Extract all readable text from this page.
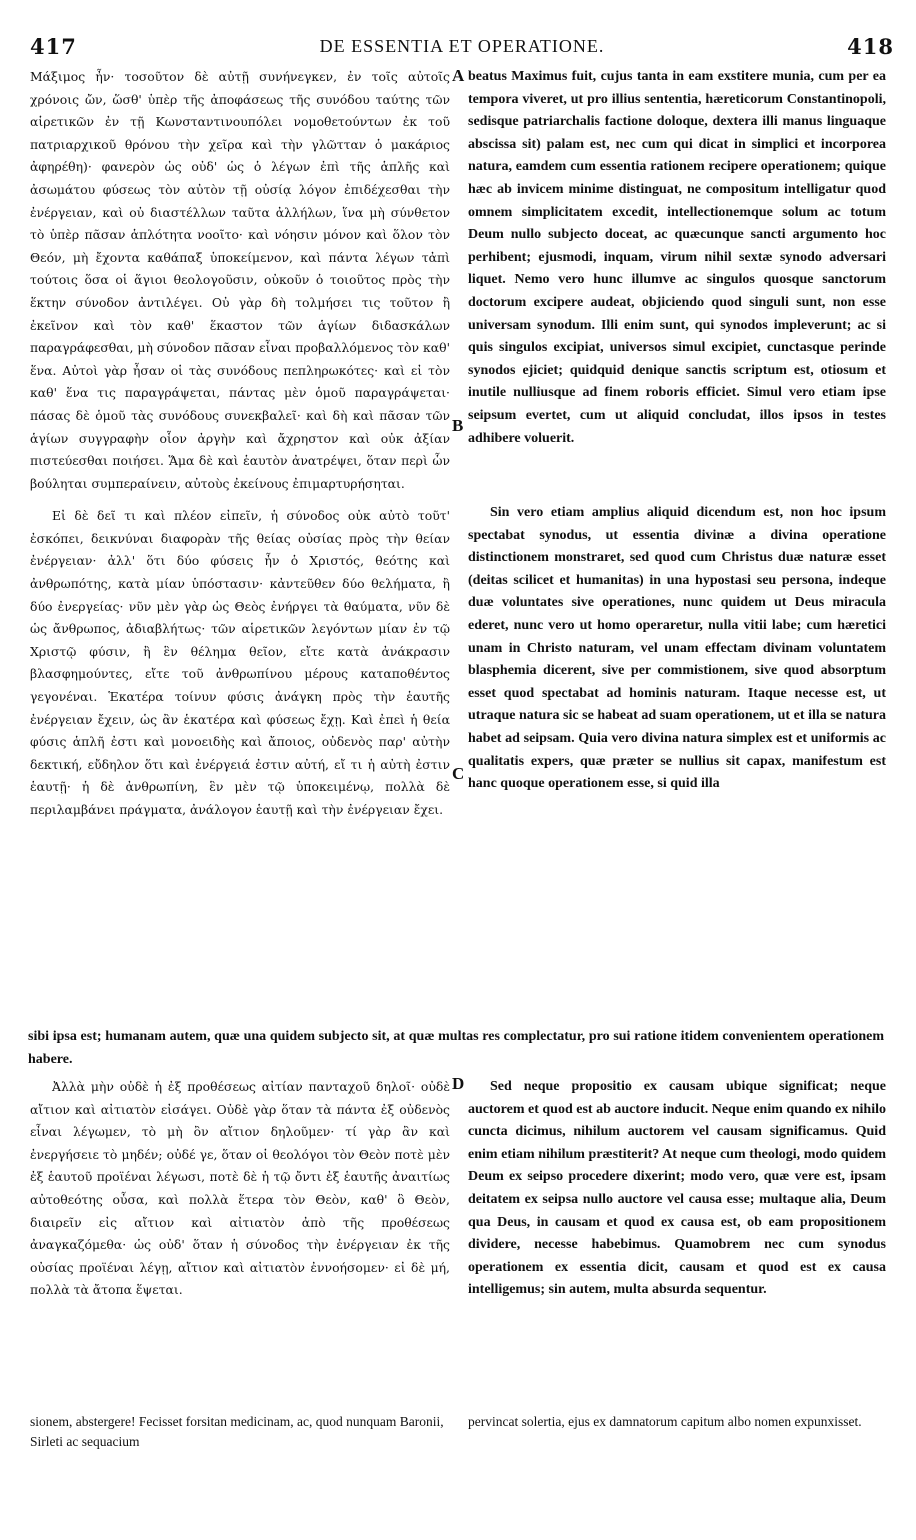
417	DE ESSENTIA ET OPERATIONE.	418

Μάξιμος ἦν· τοσοῦτον δὲ αὐτῇ συνήνεγκεν, ἐν τοῖς αὐτοῖς χρόνοις ὤν, ὥσθ' ὑπὲρ τῆς ἀποφάσεως τῆς συνόδου ταύτης τῶν αἱρετικῶν ἐν τῇ Κωνσταντινουπόλει νομοθετούντων ἐκ τοῦ πατριαρχικοῦ θρόνου τὴν χεῖρα καὶ τὴν γλῶτταν ὁ μακάριος ἀφηρέθη)· φανερὸν ὡς οὐδ' ὡς ὁ λέγων ἐπὶ τῆς ἁπλῆς καὶ ἀσωμάτου φύσεως τὸν αὐτὸν τῇ οὐσίᾳ λόγον ἐπιδέχεσθαι τὴν ἐνέργειαν, καὶ οὐ διαστέλλων ταῦτα ἀλλήλων, ἵνα μὴ σύνθετον τὸ ὑπὲρ πᾶσαν ἁπλότητα νοοῖτο· καὶ νόησιν μόνον καὶ ὅλον τὸν Θεόν, μὴ ἔχοντα καθάπαξ ὑποκείμενον, καὶ πάντα λέγων τἀπὶ τούτοις ὅσα οἱ ἅγιοι θεολογοῦσιν, οὐκοῦν ὁ τοιοῦτος πρὸς τὴν ἕκτην σύνοδον ἀντιλέγει. Οὐ γὰρ δὴ τολμήσει τις τοῦτον ἢ ἐκεῖνον καὶ τὸν καθ' ἕκαστον τῶν ἁγίων διδασκάλων παραγράφεσθαι, μὴ σύνοδον πᾶσαν εἶναι προβαλλόμενος τὸν καθ' ἕνα. Αὐτοὶ γὰρ ἦσαν οἱ τὰς συνόδους πεπληρωκότες· καὶ εἰ τὸν καθ' ἕνα τις παραγράψεται, πάντας μὲν ὁμοῦ παραγράψεται· πάσας δὲ ὁμοῦ τὰς συνόδους συνεκβαλεῖ· καὶ δὴ καὶ πᾶσαν τῶν ἁγίων συγγραφὴν οἷον ἀργὴν καὶ ἄχρηστον καὶ οὐκ ἀξίαν πιστεύεσθαι ποιήσει. Ἅμα δὲ καὶ ἑαυτὸν ἀνατρέψει, ὅταν περὶ ὧν βούληται συμπεραίνειν, αὐτοὺς ἐκείνους ἐπιμαρτυρήσηται.

Εἰ δὲ δεῖ τι καὶ πλέον εἰπεῖν, ἡ σύνοδος οὐκ αὐτὸ τοῦτ' ἐσκόπει, δεικνύναι διαφορὰν τῆς θείας οὐσίας πρὸς τὴν θείαν ἐνέργειαν· ἀλλ' ὅτι δύο φύσεις ἦν ὁ Χριστός, θεότης καὶ ἀνθρωπότης, κατὰ μίαν ὑπόστασιν· κἀντεῦθεν δύο θελήματα, ἢ δύο ἐνεργείας· νῦν μὲν γὰρ ὡς Θεὸς ἐνήργει τὰ θαύματα, νῦν δὲ ὡς ἄνθρωπος, ἀδιαβλήτως· τῶν αἱρετικῶν λεγόντων μίαν ἐν τῷ Χριστῷ φύσιν, ἢ ἓν θέλημα θεῖον, εἴτε κατὰ ἀνάκρασιν βλασφημούντες, εἴτε τοῦ ἀνθρωπίνου μέρους καταποθέντος γεγονέναι. Ἑκατέρα τοίνυν φύσις ἀνάγκη πρὸς τὴν ἑαυτῆς ἐνέργειαν ἔχειν, ὡς ἂν ἑκατέρα καὶ φύσεως ἔχῃ. Καὶ ἐπεὶ ἡ θεία φύσις ἁπλῆ ἐστι καὶ μονοειδὴς καὶ ἄποιος, οὐδενὸς παρ' αὐτὴν δεκτική, εὔδηλον ὅτι καὶ ἐνέργειά ἐστιν αὐτή, εἴ τι ἡ αὐτὴ ἐστιν ἑαυτῇ· ἡ δὲ ἀνθρωπίνη, ἓν μὲν τῷ ὑποκειμένῳ, πολλὰ δὲ περιλαμβάνει πράγματα, ἀνάλογον ἑαυτῇ καὶ τὴν ἐνέργειαν ἔχει.

beatus Maximus fuit, cujus tanta in eam exstitere munia, cum per ea tempora viveret, ut pro illius sententia, hæreticorum Constantinopoli, sedisque patriarchalis factione doloque, dextera illi manus linguaque abscissa sit) palam est, nec cum qui dicat in simplici et incorporea natura, eamdem cum essentia rationem recipere operationem; quique hæc ab invicem minime distinguat, ne compositum intelligatur quod omnem simplicitatem excedit, intellectionemque solum ac totum Deum nullo subjecto doceat, ac quæcunque sancti argumento hoc perhibent; ejusmodi, inquam, virum nihil sextæ synodo adversari liquet. Nemo vero hunc illumve ac singulos quosque sanctorum doctorum excipere audeat, objiciendo quod singuli sunt, non esse universam synodum. Illi enim sunt, qui synodos impleverunt; ac si quis singulos excipiat, universos simul excipiet, cunctasque perinde synodos ejiciet; quidquid denique sanctis scriptum est, otiosum et inutile nulliusque ad finem roboris efficiet. Simul vero etiam ipse seipsum evertet, cum ut aliquid concludat, illos ipsos in testes adhibere voluerit.

Sin vero etiam amplius aliquid dicendum est, non hoc ipsum spectabat synodus, ut essentia divinæ a divina operatione distinctionem monstraret, sed quod cum Christus duæ naturæ esset (deitas scilicet et humanitas) in una hypostasi seu persona, indeque duæ voluntates sive operationes, nunc quidem ut Deus miracula ederet, nunc vero ut homo operaretur, nulla vitii labe; cum hæretici unam in Christo naturam, vel unam effectam divinam voluntatem blasphemia dicerent, sive per commistionem, sive quod absorptum esset quod spectabat ad hominis naturam. Itaque necesse est, ut utraque natura sic se habeat ad suam operationem, ut et illa se natura habet ad seipsam. Quia vero divina natura simplex est et uniformis ac qualitatis expers, quæ præter se nullius sit capax, manifestum est hanc quoque operationem esse, si quid illa

A
B
C
D
sibi ipsa est; humanam autem, quæ una quidem subjecto sit, at quæ multas res complectatur, pro sui ratione itidem convenientem operationem habere.

Ἀλλὰ μὴν οὐδὲ ἡ ἐξ προθέσεως αἰτίαν πανταχοῦ δηλοῖ· οὐδὲ αἴτιον καὶ αἰτιατὸν εἰσάγει. Οὐδὲ γὰρ ὅταν τὰ πάντα ἐξ οὐδενὸς εἶναι λέγωμεν, τὸ μὴ ὂν αἴτιον δηλοῦμεν· τί γὰρ ἂν καὶ ἐνεργήσειε τὸ μηδέν; οὐδέ γε, ὅταν οἱ θεολόγοι τὸν Θεὸν ποτὲ μὲν ἐξ ἑαυτοῦ προϊέναι λέγωσι, ποτὲ δὲ ἡ τῷ ὄντι ἐξ ἑαυτῆς ἀναιτίως αὐτοθεότης οὖσα, καὶ πολλὰ ἕτερα τὸν Θεὸν, καθ' ὃ Θεὸν, διαιρεῖν εἰς αἴτιον καὶ αἰτιατὸν ἀπὸ τῆς προθέσεως ἀναγκαζόμεθα· ὡς οὐδ' ὅταν ἡ σύνοδος τὴν ἐνέργειαν ἐκ τῆς οὐσίας προϊέναι λέγῃ, αἴτιον καὶ αἰτιατὸν ἐννοήσομεν· εἰ δὲ μή, πολλὰ τὰ ἄτοπα ἕψεται.

Sed neque propositio ex causam ubique significat; neque auctorem et quod est ab auctore inducit. Neque enim quando ex nihilo cuncta dicimus, nihilum auctorem vel causam significamus. Quid enim etiam nihilum præstiterit? At neque cum theologi, modo quidem Deum ex seipso procedere dixerint; modo vero, quæ vere est, ipsam deitatem ex seipsa nullo auctore vel causa esse; multaque alia, Deum qua Deus, in causam et quod ex causa est, ob eam propositionem dividere, necesse habebimus. Quamobrem nec cum synodus operationem ex essentia dicit, causam et quod est ex causa intelligemus; sin autem, multa absurda sequentur.

sionem, abstergere! Fecisset forsitan medicinam, ac, quod nunquam Baronii, Sirleti ac sequacium
pervincat solertia, ejus ex damnatorum capitum albo nomen expunxisset.
